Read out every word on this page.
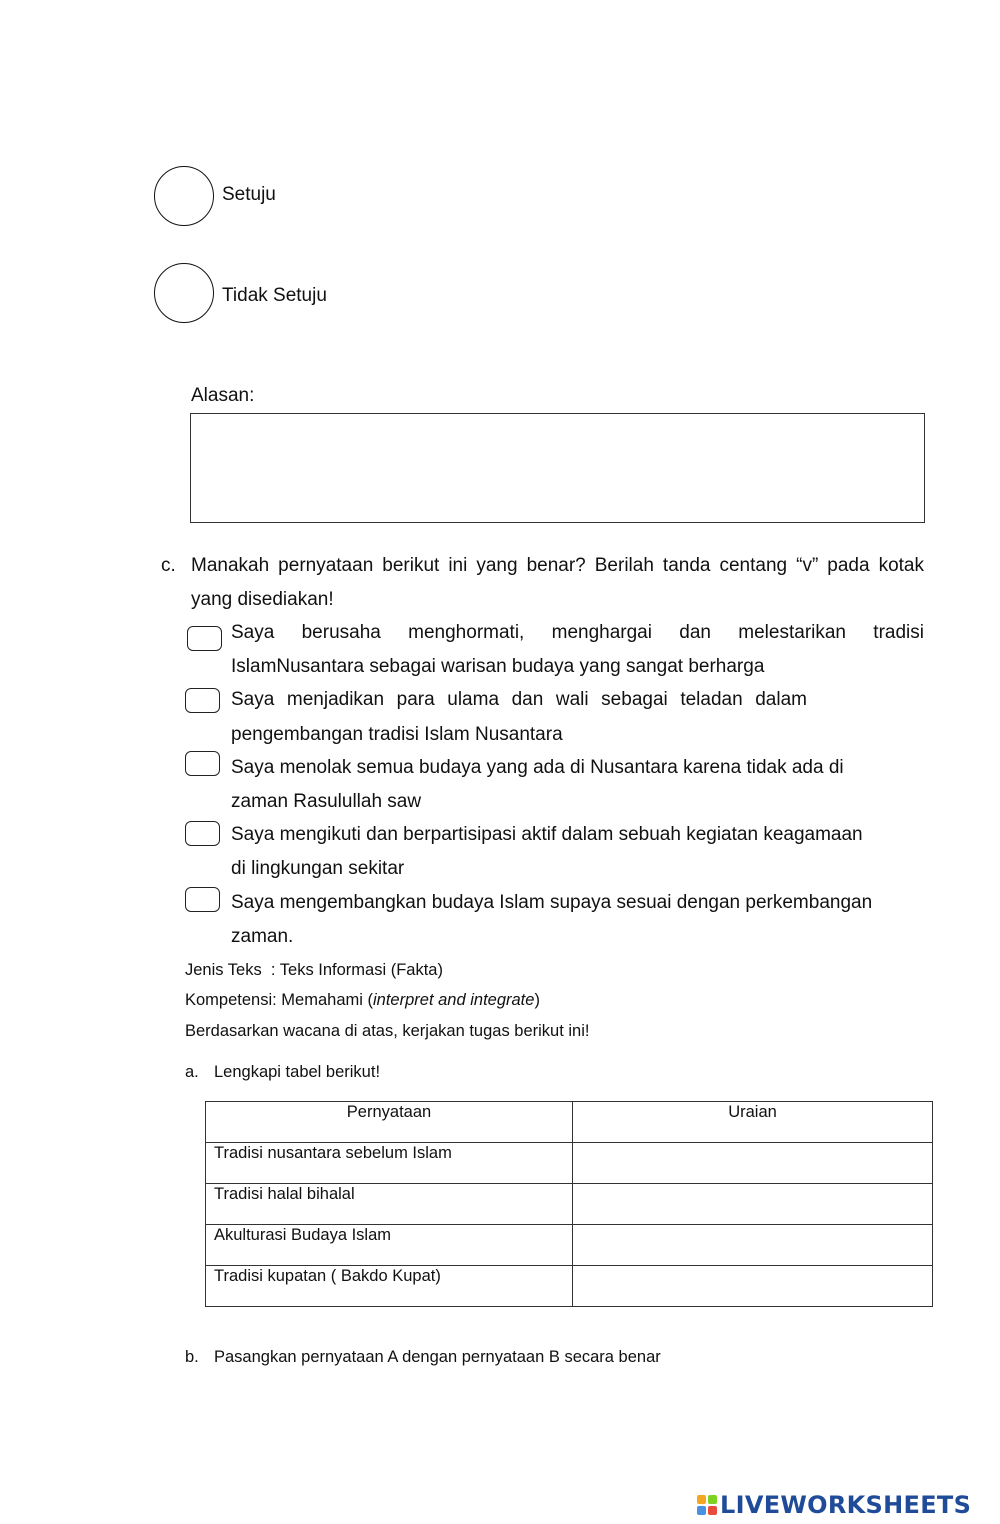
Setuju
Tidak Setuju
Alasan:
c. Manakah pernyataan berikut ini yang benar? Berilah tanda centang “v” pada kotak
yang disediakan!
Saya berusaha menghormati, menghargai dan melestarikan tradisi
IslamNusantara sebagai warisan budaya yang sangat berharga
Saya menjadikan para ulama dan wali sebagai teladan dalam
pengembangan tradisi Islam Nusantara
Saya menolak semua budaya yang ada di Nusantara karena tidak ada di
zaman Rasulullah saw
Saya mengikuti dan berpartisipasi aktif dalam sebuah kegiatan keagamaan
di lingkungan sekitar
Saya mengembangkan budaya Islam supaya sesuai dengan perkembangan
zaman.
Jenis Teks  : Teks Informasi (Fakta)
Kompetensi: Memahami (interpret and integrate)
Berdasarkan wacana di atas, kerjakan tugas berikut ini!
a. Lengkapi tabel berikut!
Pernyataan	Uraian
Tradisi nusantara sebelum Islam	
Tradisi halal bihalal	
Akulturasi Budaya Islam	
Tradisi kupatan ( Bakdo Kupat)	
b. Pasangkan pernyataan A dengan pernyataan B secara benar
LIVEWORKSHEETS
